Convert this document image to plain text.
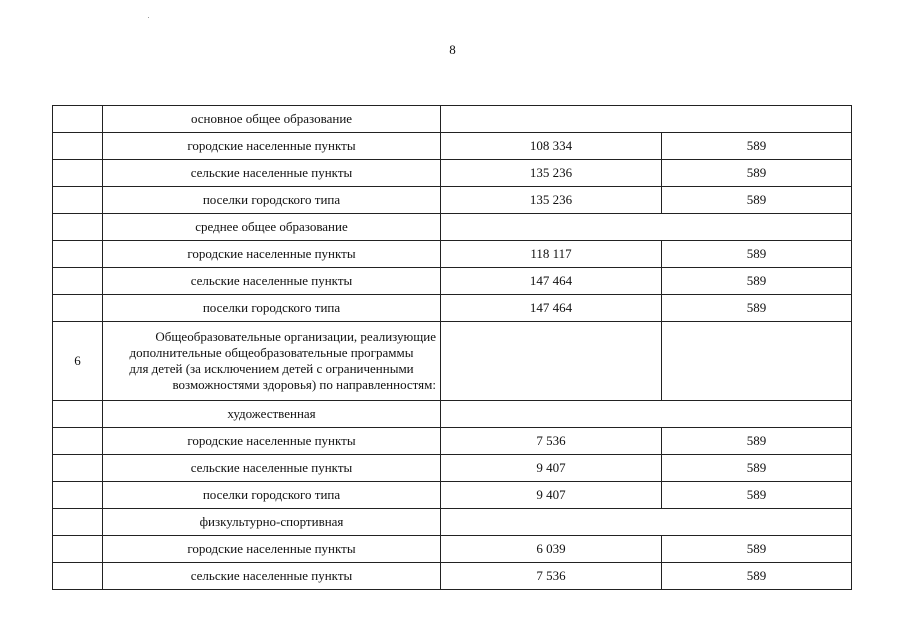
8
	основное общее образование		
	городские населенные пункты	108 334	589
	сельские населенные пункты	135 236	589
	поселки городского типа	135 236	589
	среднее общее образование		
	городские населенные пункты	118 117	589
	сельские населенные пункты	147 464	589
	поселки городского типа	147 464	589
6	Общеобразовательные организации, реализующие
дополнительные общеобразовательные программы
для детей (за исключением детей с ограниченными
возможностями здоровья) по направленностям:		

	художественная		
	городские населенные пункты	7 536	589
	сельские населенные пункты	9 407	589
	поселки городского типа	9 407	589
	физкультурно-спортивная		
	городские населенные пункты	6 039	589
	сельские населенные пункты	7 536	589
